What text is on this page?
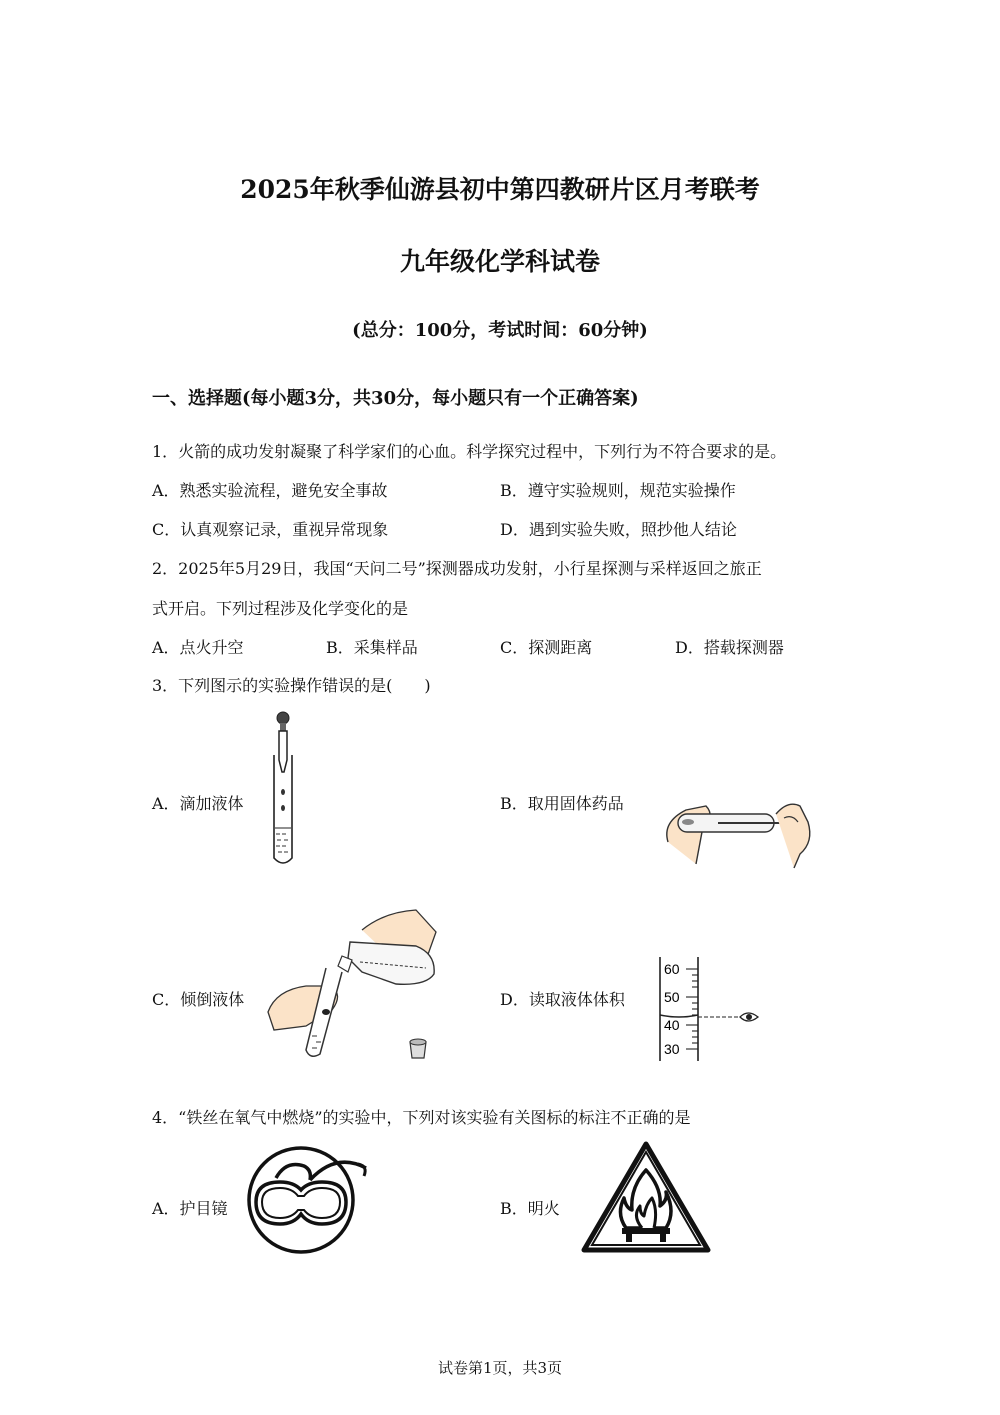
2025年秋季仙游县初中第四教研片区月考联考
九年级化学科试卷
(总分：100分，考试时间：60分钟)
一、选择题(每小题3分，共30分，每小题只有一个正确答案)
1．火箭的成功发射凝聚了科学家们的心血。科学探究过程中，下列行为不符合要求的是。
A．熟悉实验流程，避免安全事故	B．遵守实验规则，规范实验操作
C．认真观察记录，重视异常现象	D．遇到实验失败，照抄他人结论
2．2025年5月29日，我国“天问二号”探测器成功发射，小行星探测与采样返回之旅正
式开启。下列过程涉及化学变化的是
A．点火升空	B．采集样品	C．探测距离	D．搭载探测器
3．下列图示的实验操作错误的是(　　)
A．滴加液体	B．取用固体药品
C．倾倒液体	D．读取液体体积
60
50
40
30
4．“铁丝在氧气中燃烧”的实验中，下列对该实验有关图标的标注不正确的是
A．护目镜	B．明火
试卷第1页，共3页
